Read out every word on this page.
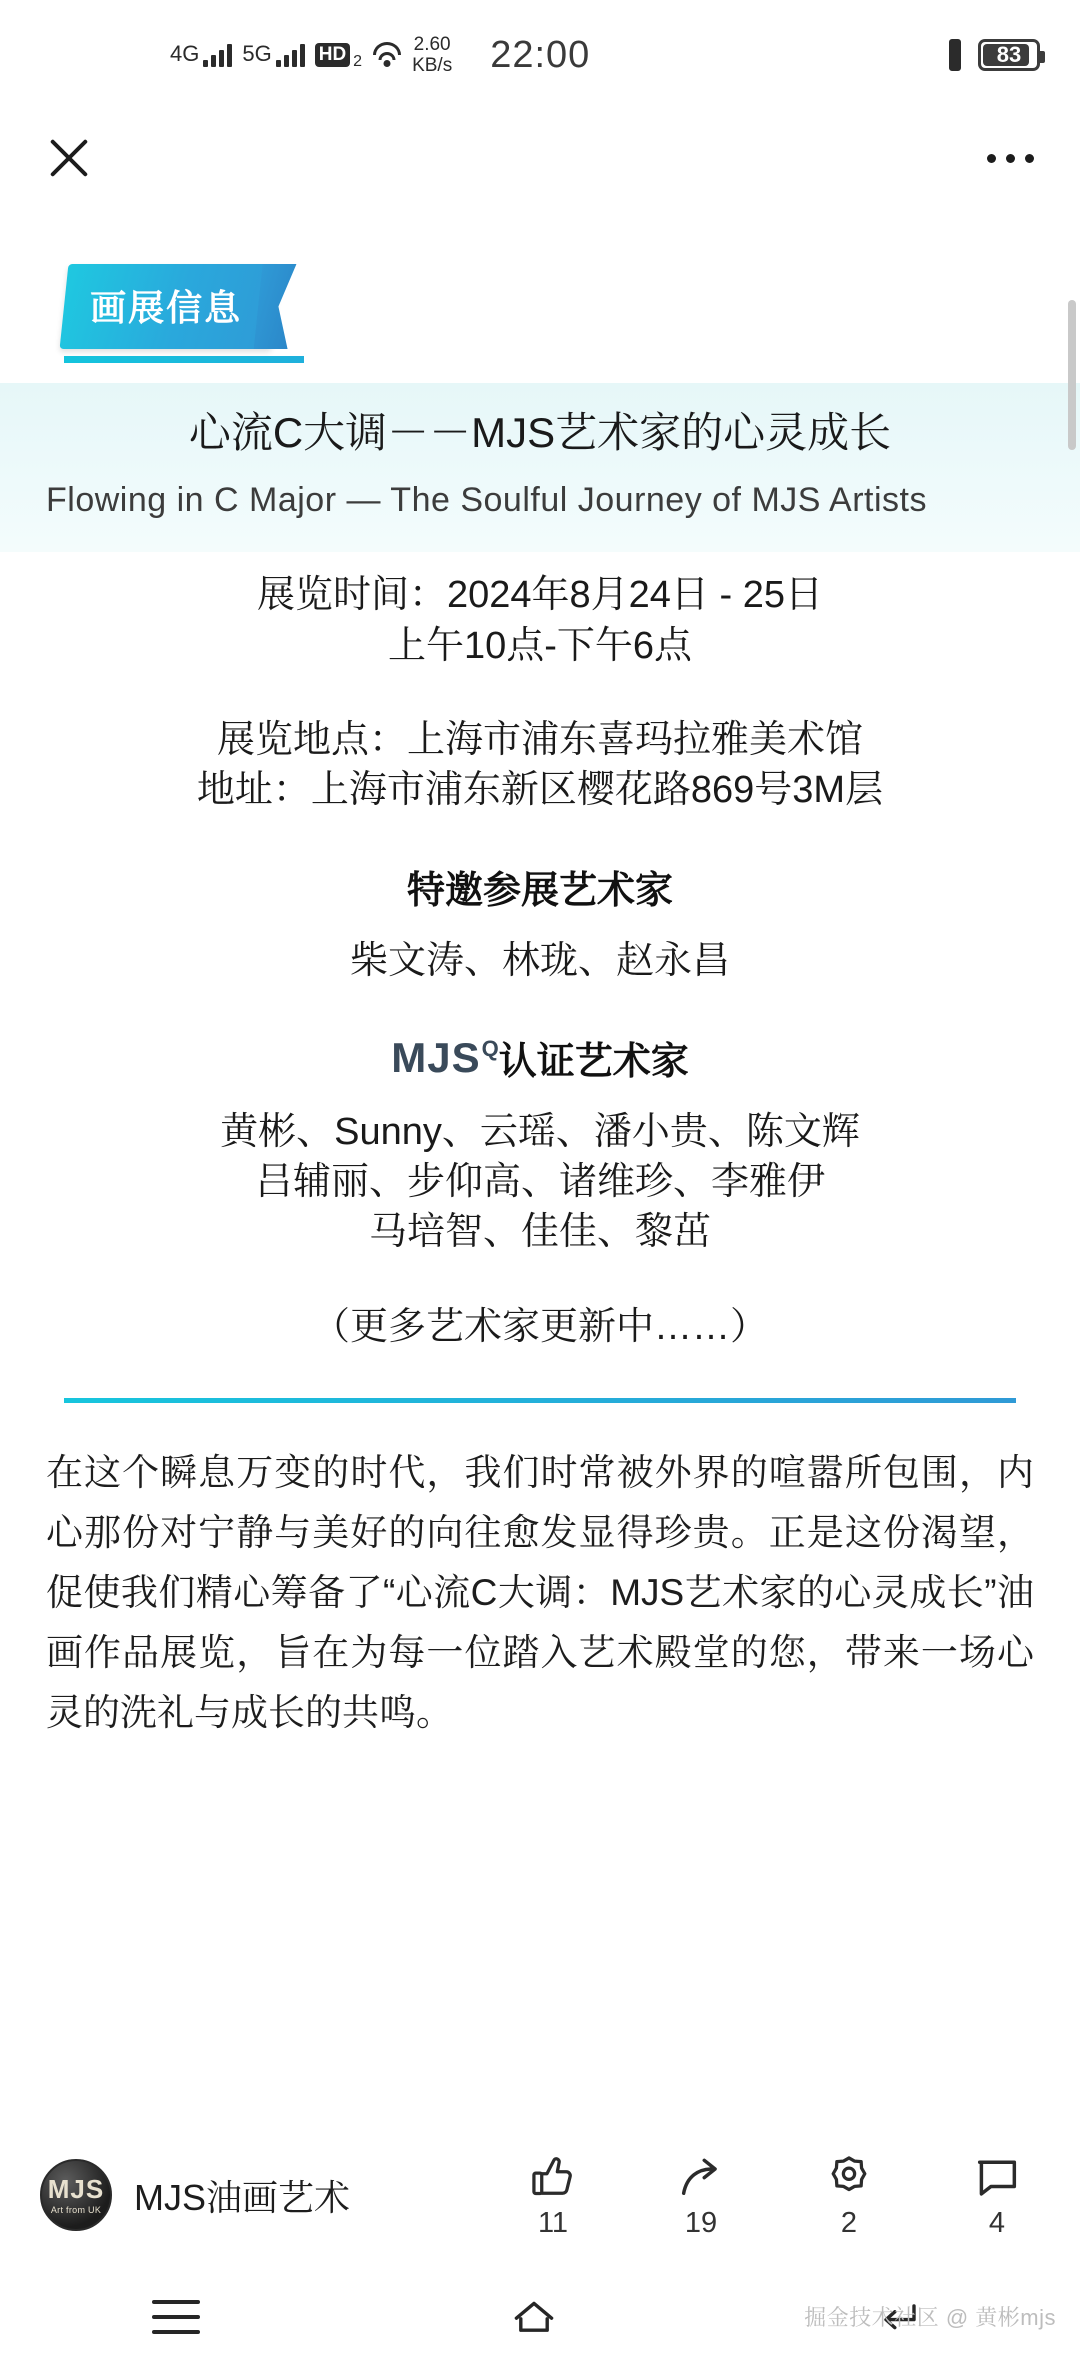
4G 5G HD 2
2.60
KB/s 22:00	83
画展信息
心流C大调－－MJS艺术家的心灵成长
Flowing in C Major — The Soulful Journey of MJS Artists
展览时间：2024年8月24日 - 25日
上午10点-下午6点
展览地点：上海市浦东喜玛拉雅美术馆
地址：上海市浦东新区樱花路869号3M层
特邀参展艺术家
柴文涛、林珑、赵永昌
MJS Q 认证艺术家
黄彬、Sunny、云瑶、潘小贵、陈文辉
吕辅丽、步仰高、诸维珍、李雅伊
马培智、佳佳、黎茁
（更多艺术家更新中……）
在这个瞬息万变的时代，我们时常被外界的喧嚣所包围，内心那份对宁静与美好的向往愈发显得珍贵。正是这份渴望，促使我们精心筹备了“心流C大调：MJS艺术家的心灵成长”油画作品展览，旨在为每一位踏入艺术殿堂的您，带来一场心灵的洗礼与成长的共鸣。
MJS
Art from UK MJS油画艺术
11	19	2	4
掘金技术社区 @ 黄彬mjs
